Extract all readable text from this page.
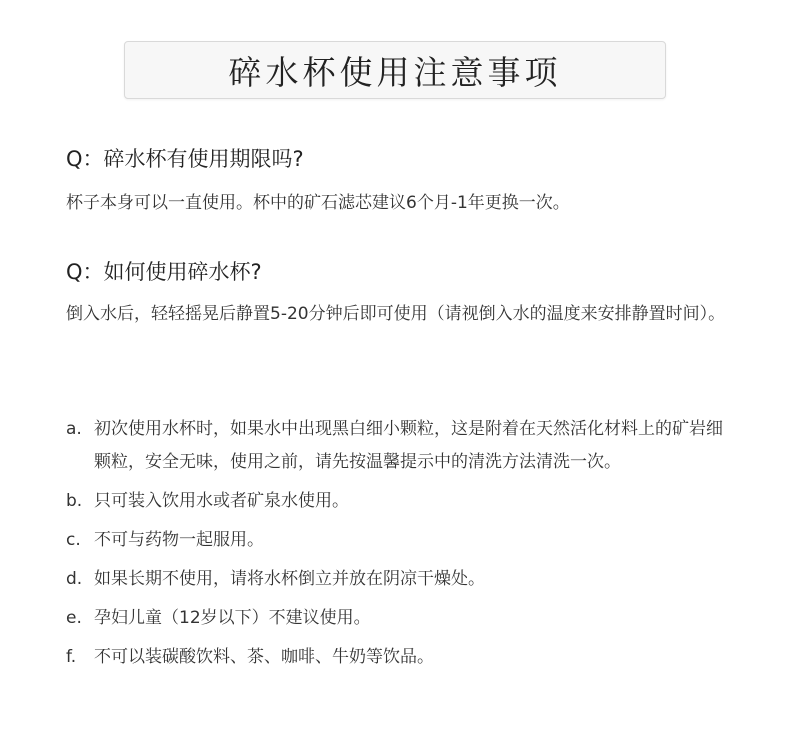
碎水杯使用注意事项
Q：碎水杯有使用期限吗?
杯子本身可以一直使用。杯中的矿石滤芯建议6个月-1年更换一次。
Q：如何使用碎水杯?
倒入水后，轻轻摇晃后静置5-20分钟后即可使用（请视倒入水的温度来安排静置时间）。
a. 初次使用水杯时，如果水中出现黑白细小颗粒，这是附着在天然活化材料上的矿岩细颗粒，安全无味，使用之前，请先按温馨提示中的清洗方法清洗一次。
b. 只可装入饮用水或者矿泉水使用。
c. 不可与药物一起服用。
d. 如果长期不使用，请将水杯倒立并放在阴凉干燥处。
e. 孕妇儿童（12岁以下）不建议使用。
f.	不可以装碳酸饮料、茶、咖啡、牛奶等饮品。
